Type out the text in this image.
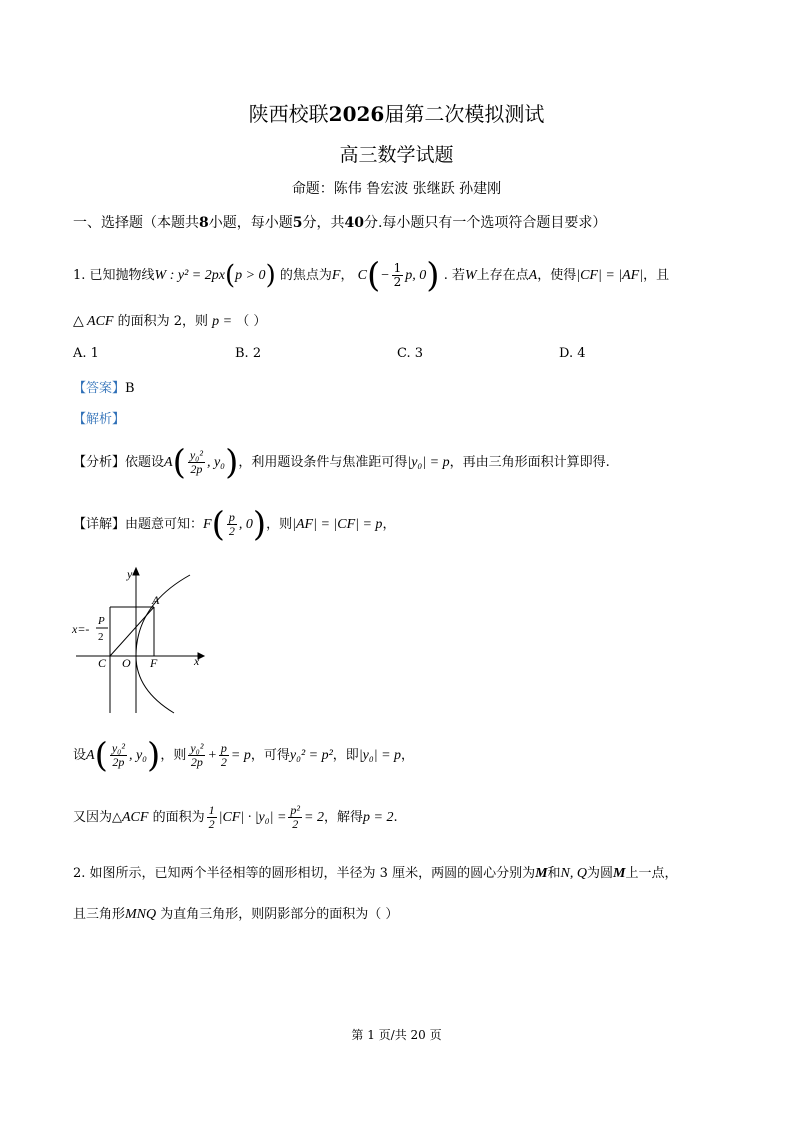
陕西校联2026届第二次模拟测试
高三数学试题
命题：陈伟 鲁宏波 张继跃 孙建刚
一、选择题（本题共8小题，每小题5分，共40分.每小题只有一个选项符合题目要求）
1. 已知抛物线W : y² = 2px(p > 0) 的焦点为F， $C(- \frac{1}{2} p$, 0) . 若W上存在点A，使得|CF| = |AF|，且
△ ACF 的面积为 2，则 p = （ ）
A. 1	B. 2	C. 3	D. 4
【答案】B
【解析】
【分析】依题设$A( \frac{\text{y₀²}}{2p}$ , y₀)，利用题设条件与焦准距可得|y₀| = p，再由三角形面积计算即得.
【详解】由题意可知：$F( \frac{p}{2}$ , 0)，则|AF| = |CF| = p，
y
x
A
C O F
x=-
P
2
设$A( \frac{\text{y₀²}}{2p}$ , y₀)，则 $\frac{\text{y₀²}}{2p} + \frac{p}{2} = p$，可得y₀² = p²，即|y₀| = p，
又因为△ACF 的面积为 $\frac{1}{2} |CF| \cdot |y_0| = \frac{\text{p²}}{2} = 2$，解得p = 2.
2. 如图所示，已知两个半径相等的圆形相切，半径为 3 厘米，两圆的圆心分别为M和N, Q为圆M上一点，
且三角形MNQ 为直角三角形，则阴影部分的面积为（ ）
第 1 页/共 20 页
